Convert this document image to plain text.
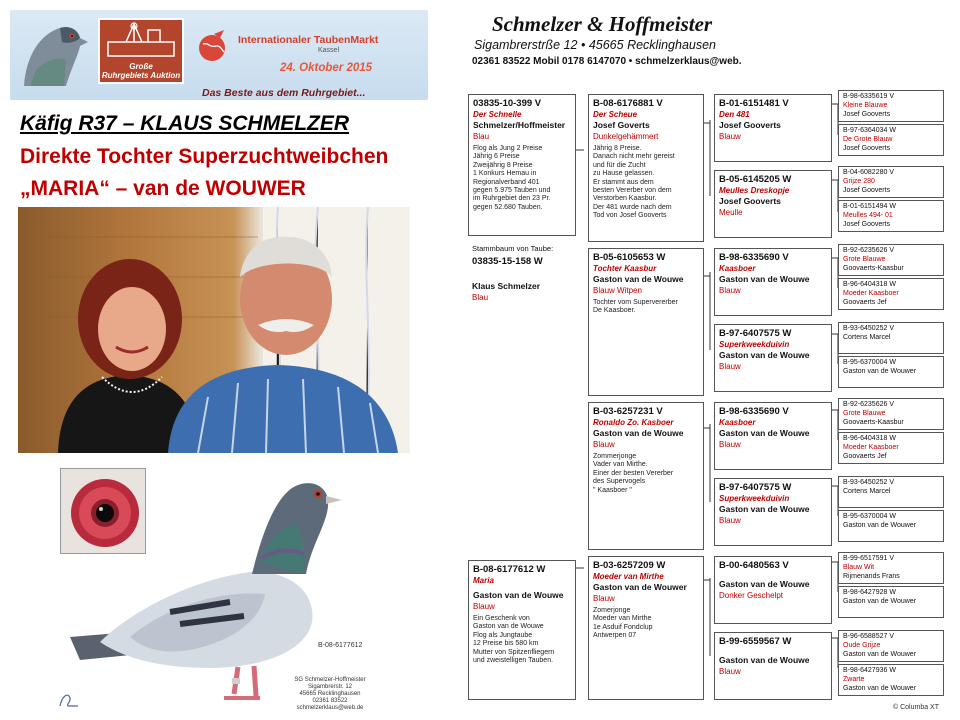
Große
Ruhrgebiets Auktion
Internationaler TaubenMarkt
Kassel
24. Oktober 2015
Das Beste aus dem Ruhrgebiet...
Käfig R37 – KLAUS SCHMELZER
Direkte Tochter Superzuchtweibchen
„MARIA“ – van de WOUWER
B-08-6177612
SG Schmelzer-Hoffmeister
Sigambrerstr. 12
45665 Recklinghausen
02361 83522
schmelzerklaus@web.de
Schmelzer & Hoffmeister
Sigambrerstrße 12 • 45665 Recklinghausen
02361 83522 Mobil 0178 6147070 • schmelzerklaus@web.
03835-10-399 V
Der Schnelle
Schmelzer/Hoffmeister
Blau
Flog als Jung 2 Preise
Jährig 6 Preise
Zweijährig 8 Preise
1 Konkurs Hemau in
Regionalverband 401
gegen 5.975 Tauben und
im Ruhrgebiet den 23 Pr.
gegen 52.680 Tauben.
Stammbaum von Taube:
03835-15-158 W
Klaus Schmelzer
Blau
B-08-6177612 W
Maria
Gaston van de Wouwe
Blauw
Ein Geschenk von
Gaston van de Wouwe
Flog als Jungtaube
12 Preise bis 580 km
Mutter von Spitzenfliegern
und zweistelligen Tauben.
B-08-6176881 V
Der Scheue
Josef Goverts
Dunkelgehämmert
Jährig 8 Preise.
Danach nicht mehr gereist
und für die Zucht
zu Hause gelassen.
Er stammt aus dem
besten Vererber von dem
Verstorben Kaasbur.
Der 481 wurde nach dem
Tod von Josef Gooverts
B-05-6105653 W
Tochter Kaasbur
Gaston van de Wouwe
Blauw Witpen
Tochter vom Supervererber
De Kaasboer.
B-03-6257231 V
Ronaldo Zo. Kasboer
Gaston van de Wouwe
Blauw
Zommerjonge
Vader van Mirthe.
Einer der besten Vererber
des Supervogels
" Kaasboer "
B-03-6257209 W
Moeder van Mirthe
Gaston van de Wouwer
Blauw
Zomerjonge
Moeder van Mirthe
1e Asduif Fondclup
Antwerpen 07
B-01-6151481 V
Den 481
Josef Gooverts
Blauw
B-05-6145205 W
Meulles Dreskopje
Josef Gooverts
Meulle
B-98-6335690 V
Kaasboer
Gaston van de Wouwe
Blauw
B-97-6407575 W
Superkweekduivin
Gaston van de Wouwe
Blauw
B-98-6335690 V
Kaasboer
Gaston van de Wouwe
Blauw
B-97-6407575 W
Superkweekduivin
Gaston van de Wouwe
Blauw
B-00-6480563 V
Gaston van de Wouwe
Donker Geschelpt
B-99-6559567 W
Gaston van de Wouwe
Blauw
B-98-6335619 V
Kleine Blauwe
Josef Gooverts
B-97-6364034 W
De Grote Blauw
Josef Gooverts
B-04-6082280 V
Grijze 280
Josef Gooverts
B-01-6151494 W
Meulles 494- 01
Josef Gooverts
B-92-6235626 V
Grote Blauwe
Goovaerts-Kaasbur
B-96-6404318 W
Moeder Kaasboer
Goovaerts Jef
B-93-6450252 V
Cortens Marcel
B-95-6370004 W
Gaston van de Wouwer
B-92-6235626 V
Grote Blauwe
Goovaerts-Kaasbur
B-96-6404318 W
Moeder Kaasboer
Goovaerts Jef
B-93-6450252 V
Cortens Marcel
B-95-6370004 W
Gaston van de Wouwer
B-99-6517591 V
Blauw Wit
Rijmenands Frans
B-98-6427928 W
Gaston van de Wouwer
B-96-6588527 V
Oude Grijze
Gaston van de Wouwer
B-98-6427936 W
Zwarte
Gaston van de Wouwer
© Columba XT
